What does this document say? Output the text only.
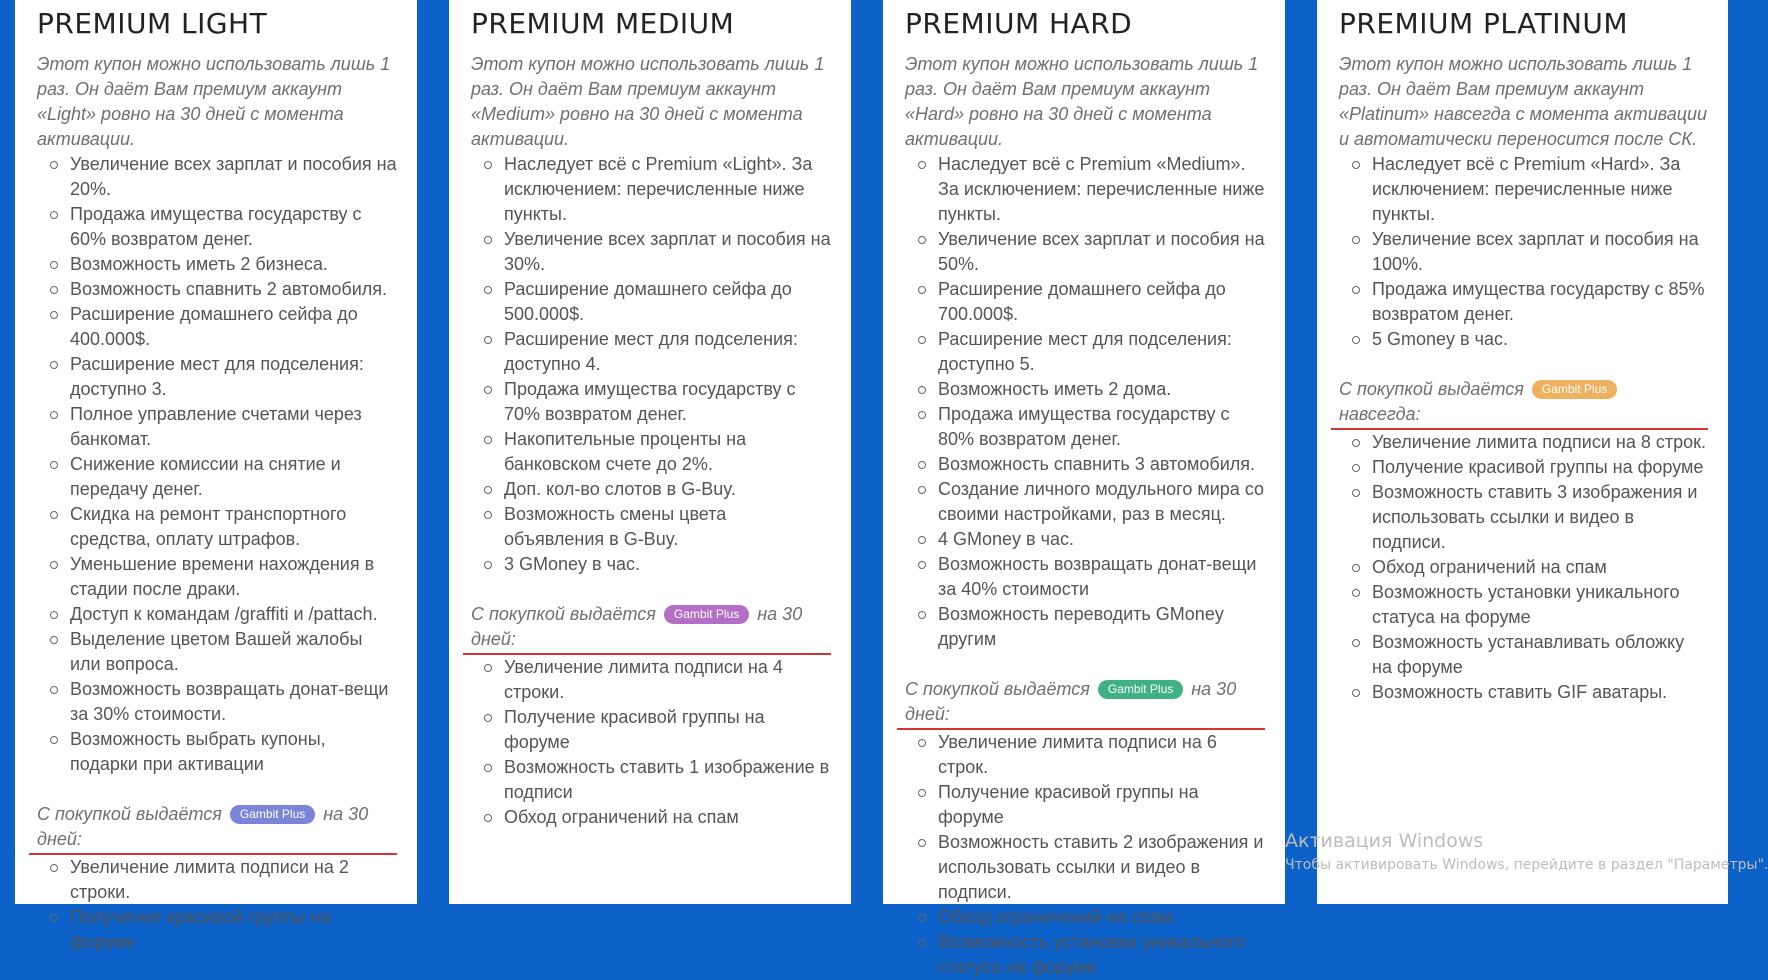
PREMIUM LIGHT
Этот купон можно использовать лишь 1 раз. Он даёт Вам премиум аккаунт «Light» ровно на 30 дней с момента активации.
Увеличение всех зарплат и пособия на 20%.
Продажа имущества государству с 60% возвратом денег.
Возможность иметь 2 бизнеса.
Возможность спавнить 2 автомобиля.
Расширение домашнего сейфа до 400.000$.
Расширение мест для подселения: доступно 3.
Полное управление счетами через банкомат.
Снижение комиссии на снятие и передачу денег.
Скидка на ремонт транспортного средства, оплату штрафов.
Уменьшение времени нахождения в стадии после драки.
Доступ к командам /graffiti и /pattach.
Выделение цветом Вашей жалобы или вопроса.
Возможность возвращать донат-вещи за 30% стоимости.
Возможность выбрать купоны, подарки при активации
С покупкой выдаётся Gambit Plus на 30 дней:
Увеличение лимита подписи на 2 строки.
Получение красивой группы на форуме
PREMIUM MEDIUM
Этот купон можно использовать лишь 1 раз. Он даёт Вам премиум аккаунт «Medium» ровно на 30 дней с момента активации.
Наследует всё с Premium «Light». За исключением: перечисленные ниже пункты.
Увеличение всех зарплат и пособия на 30%.
Расширение домашнего сейфа до 500.000$.
Расширение мест для подселения: доступно 4.
Продажа имущества государству с 70% возвратом денег.
Накопительные проценты на банковском счете до 2%.
Доп. кол-во слотов в G-Buy.
Возможность смены цвета объявления в G-Buy.
3 GMoney в час.
С покупкой выдаётся Gambit Plus на 30 дней:
Увеличение лимита подписи на 4 строки.
Получение красивой группы на форуме
Возможность ставить 1 изображение в подписи
Обход ограничений на спам
PREMIUM HARD
Этот купон можно использовать лишь 1 раз. Он даёт Вам премиум аккаунт «Hard» ровно на 30 дней с момента активации.
Наследует всё с Premium «Medium». За исключением: перечисленные ниже пункты.
Увеличение всех зарплат и пособия на 50%.
Расширение домашнего сейфа до 700.000$.
Расширение мест для подселения: доступно 5.
Возможность иметь 2 дома.
Продажа имущества государству с 80% возвратом денег.
Возможность спавнить 3 автомобиля.
Создание личного модульного мира со своими настройками, раз в месяц.
4 GMoney в час.
Возможность возвращать донат-вещи за 40% стоимости
Возможность переводить GMoney другим
С покупкой выдаётся Gambit Plus на 30 дней:
Увеличение лимита подписи на 6 строк.
Получение красивой группы на форуме
Возможность ставить 2 изображения и использовать ссылки и видео в подписи.
Обход ограничений на спам
Возможность установки уникального статуса на форуме
PREMIUM PLATINUM
Этот купон можно использовать лишь 1 раз. Он даёт Вам премиум аккаунт «Platinum» навсегда с момента активации и автоматически переносится после СК.
Наследует всё с Premium «Hard». За исключением: перечисленные ниже пункты.
Увеличение всех зарплат и пособия на 100%.
Продажа имущества государству с 85% возвратом денег.
5 Gmoney в час.
С покупкой выдаётся Gambit Plus навсегда:
Увеличение лимита подписи на 8 строк.
Получение красивой группы на форуме
Возможность ставить 3 изображения и использовать ссылки и видео в подписи.
Обход ограничений на спам
Возможность установки уникального статуса на форуме
Возможность устанавливать обложку на форуме
Возможность ставить GIF аватары.
Активация Windows
Чтобы активировать Windows, перейдите в раздел "Параметры".
